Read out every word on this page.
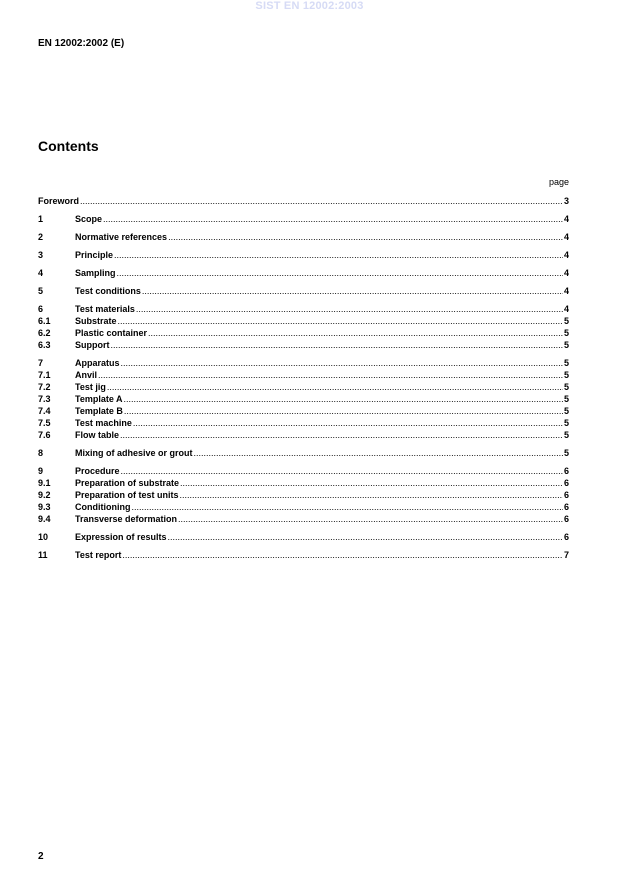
SIST EN 12002:2003
EN 12002:2002 (E)
Contents
page
Foreword .....	3
1	Scope .....	4
2	Normative references .....	4
3	Principle .....	4
4	Sampling .....	4
5	Test conditions .....	4
6	Test materials .....	4
6.1	Substrate .....	5
6.2	Plastic container .....	5
6.3	Support .....	5
7	Apparatus .....	5
7.1	Anvil .....	5
7.2	Test jig .....	5
7.3	Template A .....	5
7.4	Template B .....	5
7.5	Test machine .....	5
7.6	Flow table .....	5
8	Mixing of adhesive or grout .....	5
9	Procedure .....	6
9.1	Preparation of substrate .....	6
9.2	Preparation of test units .....	6
9.3	Conditioning .....	6
9.4	Transverse deformation .....	6
10	Expression of results .....	6
11	Test report .....	7
2
